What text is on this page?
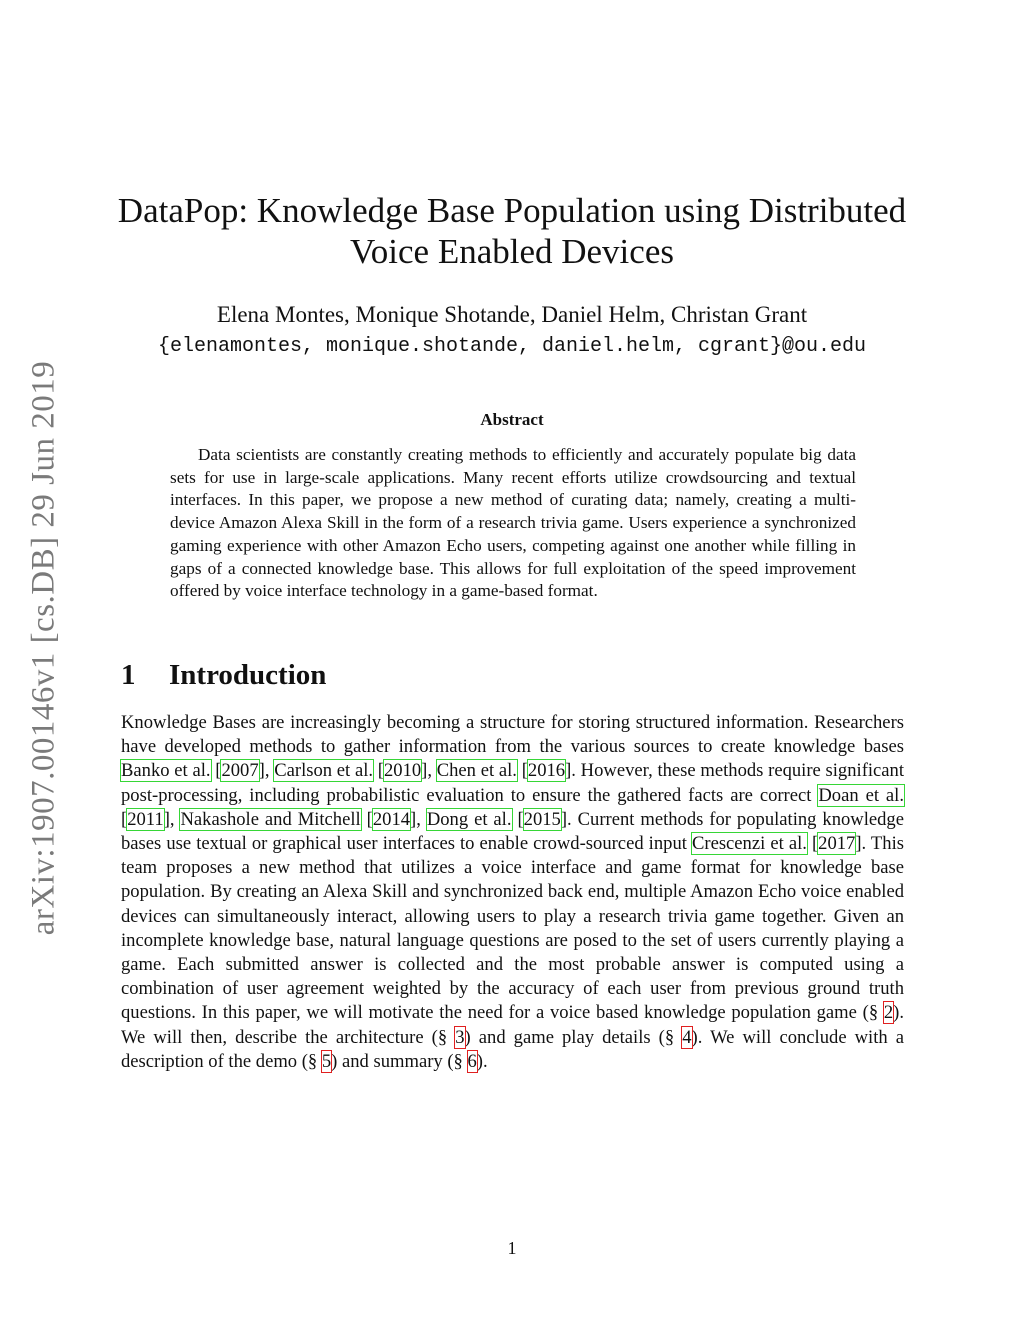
arXiv:1907.00146v1 [cs.DB] 29 Jun 2019
DataPop: Knowledge Base Population using Distributed
Voice Enabled Devices
Elena Montes, Monique Shotande, Daniel Helm, Christan Grant
{elenamontes, monique.shotande, daniel.helm, cgrant}@ou.edu
Abstract

Data scientists are constantly creating methods to efficiently and accurately populate big data sets for use in large-scale applications. Many recent efforts utilize crowdsourcing and textual interfaces. In this paper, we propose a new method of curating data; namely, creating a multi-device Amazon Alexa Skill in the form of a research trivia game. Users experience a synchronized gaming experience with other Amazon Echo users, competing against one another while filling in gaps of a connected knowledge base. This allows for full exploitation of the speed improvement offered by voice interface technology in a game-based format.

1 Introduction

Knowledge Bases are increasingly becoming a structure for storing structured information. Researchers have developed methods to gather information from the various sources to create knowledge bases Banko et al. [2007], Carlson et al. [2010], Chen et al. [2016]. However, these methods require significant post-processing, including probabilistic evaluation to ensure the gathered facts are correct Doan et al. [2011], Nakashole and Mitchell [2014], Dong et al. [2015]. Current methods for populating knowledge bases use textual or graphical user interfaces to enable crowd-sourced input Crescenzi et al. [2017]. This team proposes a new method that utilizes a voice interface and game format for knowledge base population. By creating an Alexa Skill and synchronized back end, multiple Amazon Echo voice enabled devices can simultaneously interact, allowing users to play a research trivia game together. Given an incomplete knowledge base, natural language questions are posed to the set of users currently playing a game. Each submitted answer is collected and the most probable answer is computed using a combination of user agreement weighted by the accuracy of each user from previous ground truth questions. In this paper, we will motivate the need for a voice based knowledge population game (§ 2). We will then, describe the architecture (§ 3) and game play details (§ 4). We will conclude with a description of the demo (§ 5) and summary (§ 6).

1
